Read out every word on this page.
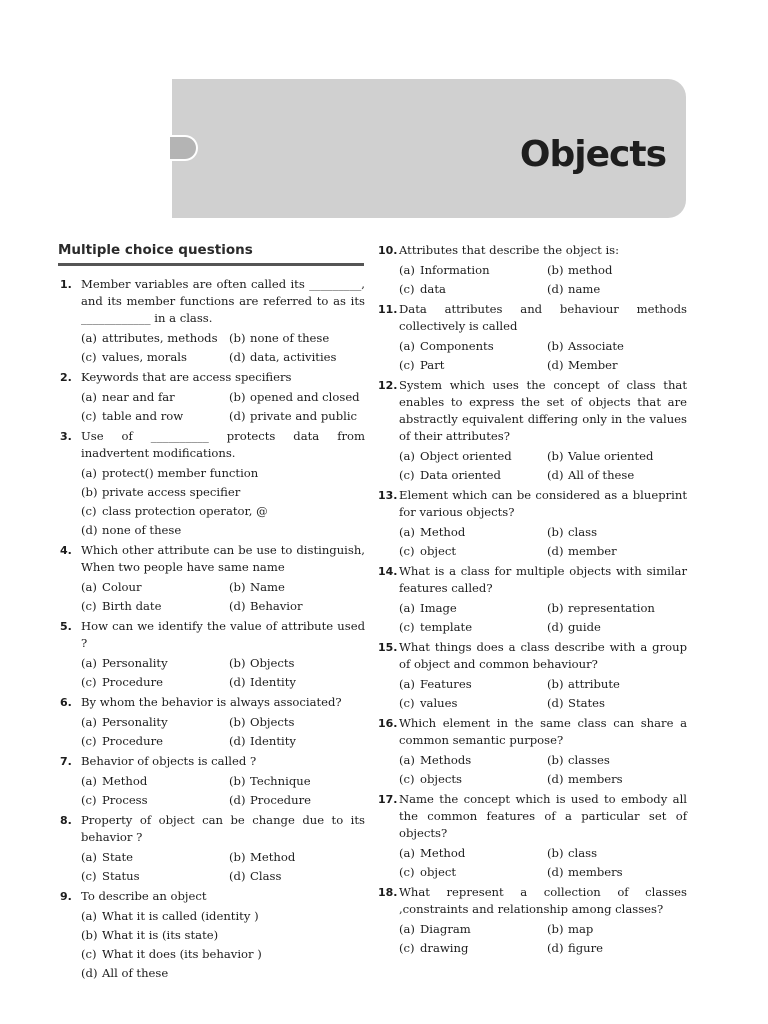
Objects
Multiple choice questions
1. Member variables are often called its _________, and its member functions are referred to as its ____________ in a class.

(a) attributes, methods (b) none of these
(c) values, morals	(d) data, activities
2. Keywords that are access specifiers

(a) near and far	(b) opened and closed
(c) table and row	(d) private and public
3. Use of __________ protects data from inadvertent modifications.

(a) protect() member function
(b) private access specifier
(c) class protection operator, @
(d) none of these
4. Which other attribute can be use to distinguish, When two people have same name

(a) Colour	(b) Name
(c) Birth date	(d) Behavior
5. How can we identify the value of attribute used ?

(a) Personality	(b) Objects
(c) Procedure	(d) Identity
6. By whom the behavior is always associated?

(a) Personality	(b) Objects
(c) Procedure	(d) Identity
7. Behavior of objects is called ?

(a) Method	(b) Technique
(c) Process	(d) Procedure
8. Property of object can be change due to its behavior ?

(a) State	(b) Method
(c) Status	(d) Class
9. To describe an object

(a) What it is called (identity )
(b) What it is (its state)
(c) What it does (its behavior )
(d) All of these
10. Attributes that describe the object is:

(a) Information	(b) method
(c) data	(d) name
11. Data attributes and behaviour methods collectively is called

(a) Components	(b) Associate
(c) Part	(d) Member
12. System which uses the concept of class that enables to express the set of objects that are abstractly equivalent differing only in the values of their attributes?

(a) Object oriented	(b) Value oriented
(c) Data oriented	(d) All of these
13. Element which can be considered as a blueprint for various objects?

(a) Method	(b) class
(c) object	(d) member
14. What is a class for multiple objects with similar features called?

(a) Image	(b) representation
(c) template	(d) guide
15. What things does a class describe with a group of object and common behaviour?

(a) Features	(b) attribute
(c) values	(d) States
16. Which element in the same class can share a common semantic purpose?

(a) Methods	(b) classes
(c) objects	(d) members
17. Name the concept which is used to embody all the common features of a particular set of objects?

(a) Method	(b) class
(c) object	(d) members
18. What represent a collection of classes ,constraints and relationship among classes?

(a) Diagram	(b) map
(c) drawing	(d) figure
